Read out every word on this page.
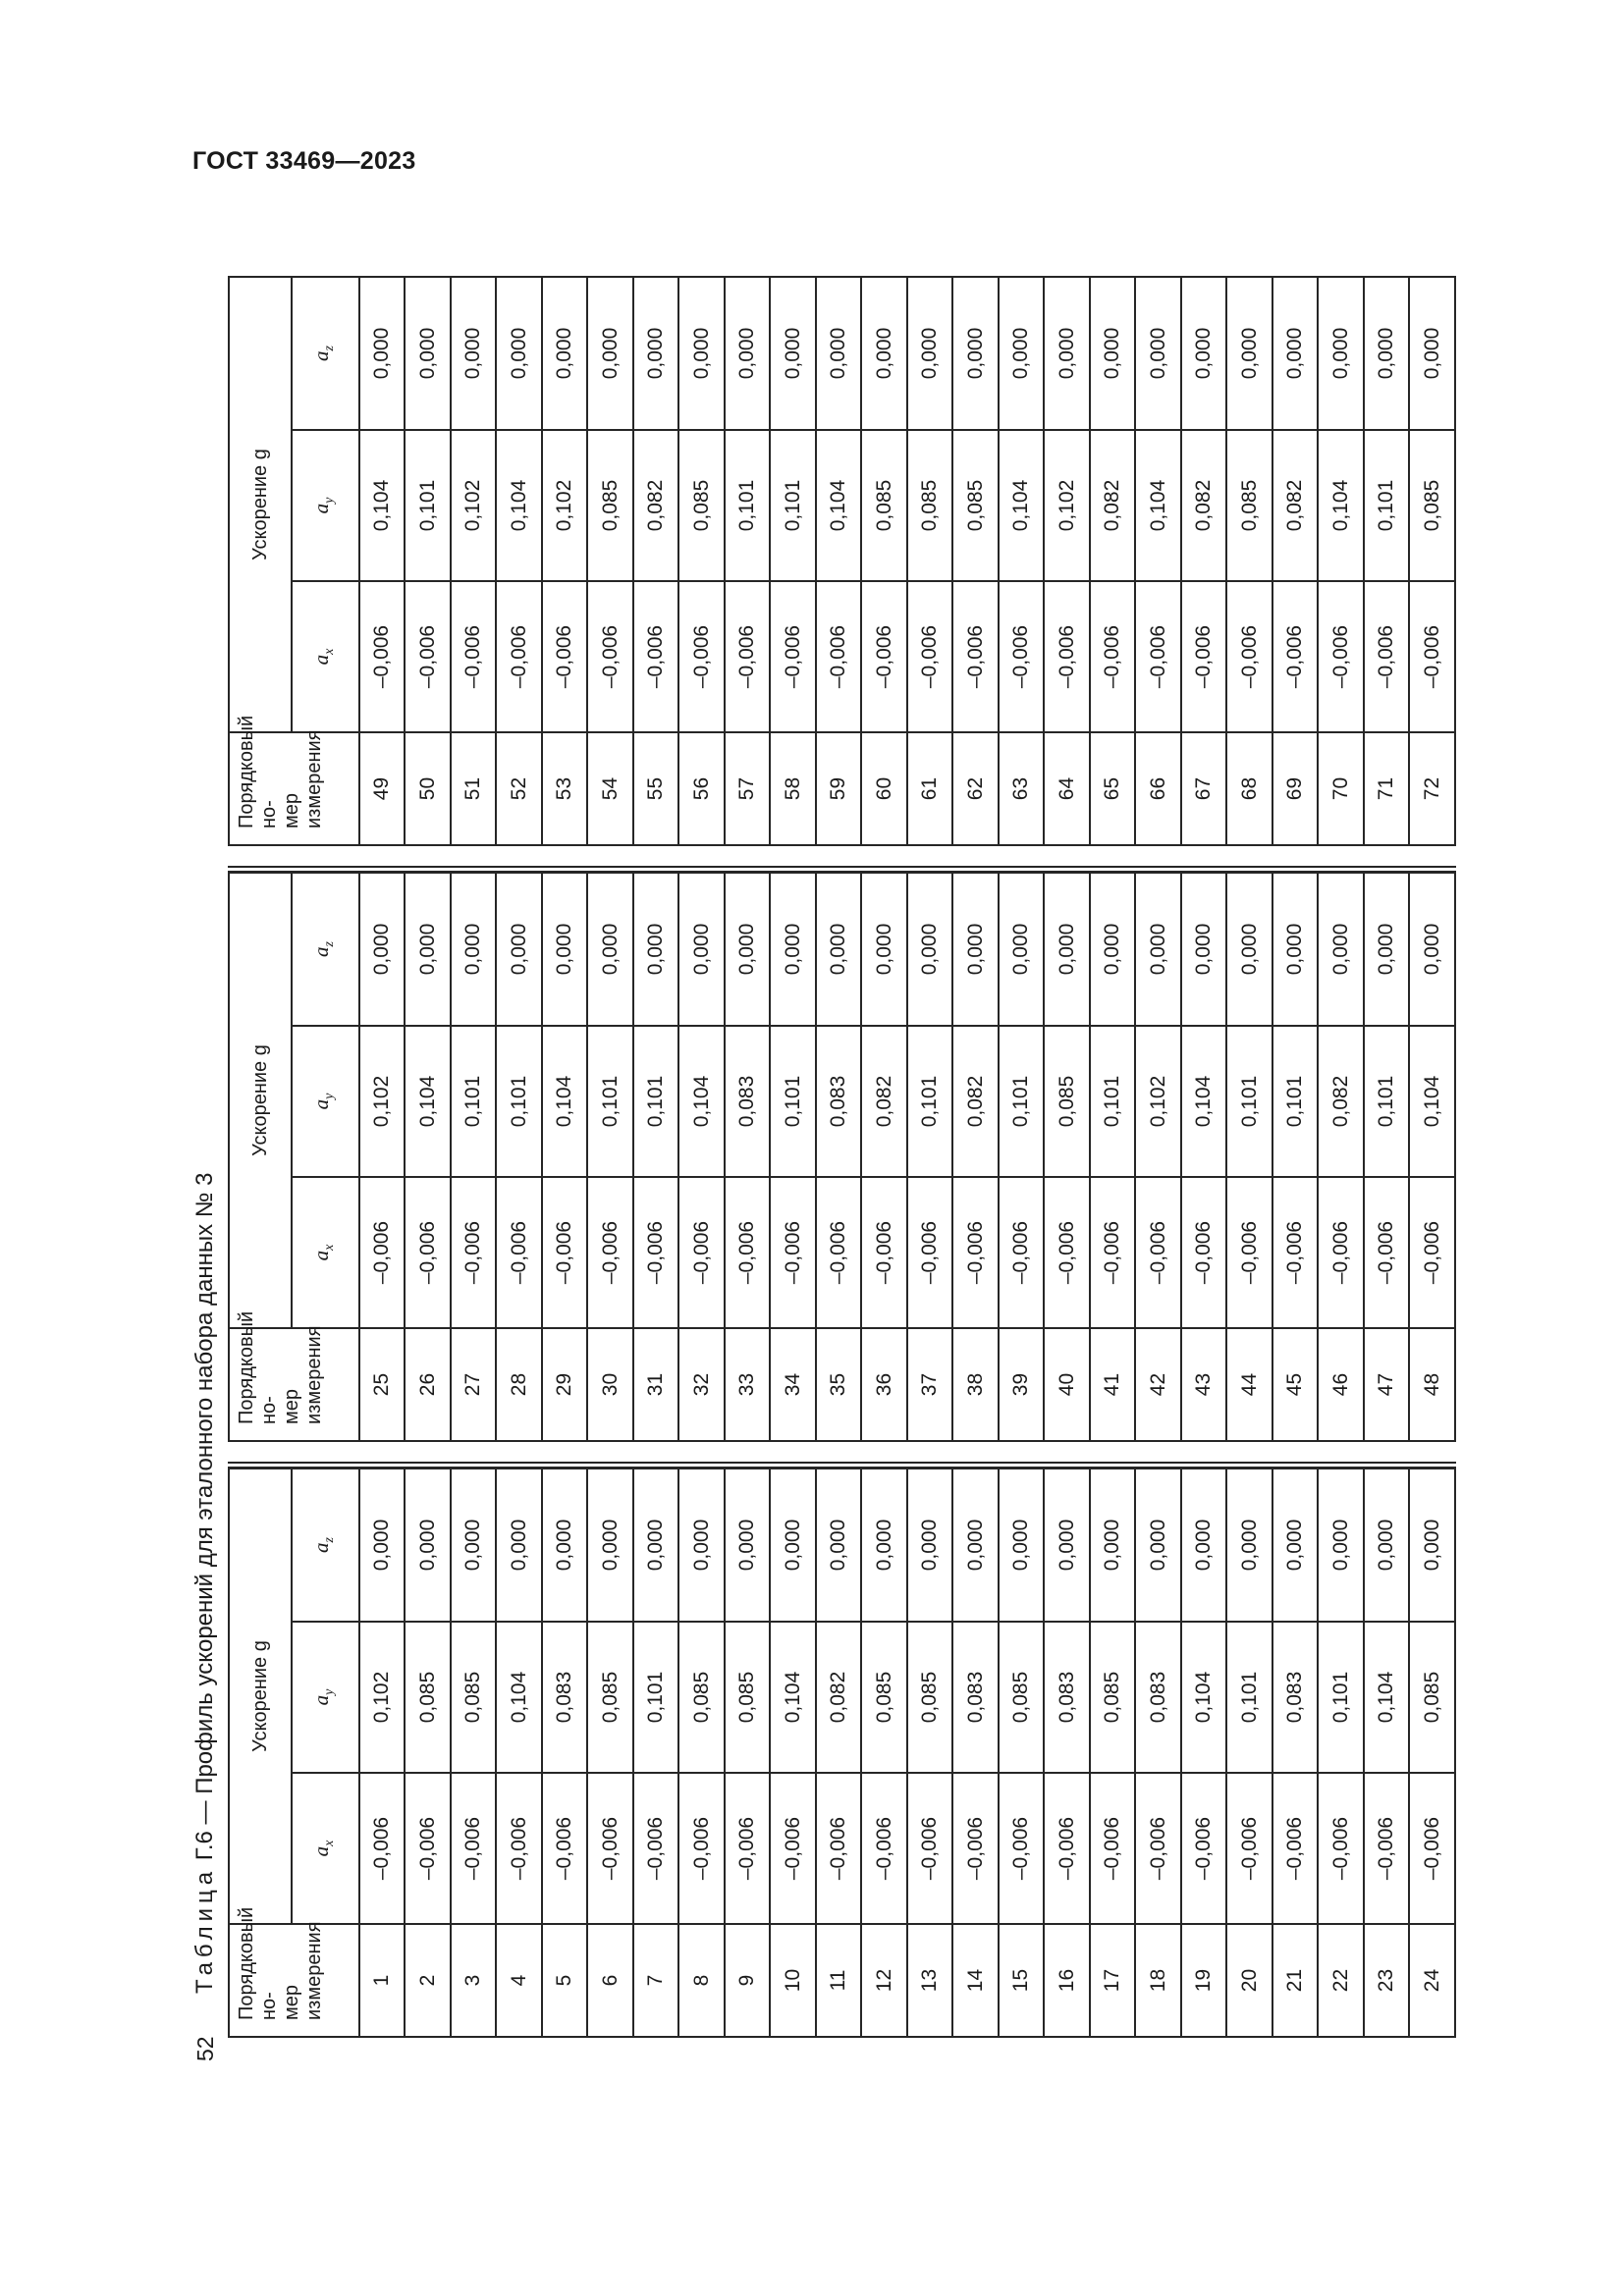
ГОСТ 33469—2023
52
Таблица Г.6 — Профиль ускорений для эталонного набора данных № 3
Порядковый но- мер измерения	Ускорение g		
	$a_x$	$a_y$	$a_z$
1	–0,006	0,102	0,000
2	–0,006	0,085	0,000
3	–0,006	0,085	0,000
4	–0,006	0,104	0,000
5	–0,006	0,083	0,000
6	–0,006	0,085	0,000
7	–0,006	0,101	0,000
8	–0,006	0,085	0,000
9	–0,006	0,085	0,000
10	–0,006	0,104	0,000
11	–0,006	0,082	0,000
12	–0,006	0,085	0,000
13	–0,006	0,085	0,000
14	–0,006	0,083	0,000
15	–0,006	0,085	0,000
16	–0,006	0,083	0,000
17	–0,006	0,085	0,000
18	–0,006	0,083	0,000
19	–0,006	0,104	0,000
20	–0,006	0,101	0,000
21	–0,006	0,083	0,000
22	–0,006	0,101	0,000
23	–0,006	0,104	0,000
24	–0,006	0,085	0,000
Порядковый но- мер измерения	Ускорение g		
	$a_x$	$a_y$	$a_z$
25	–0,006	0,102	0,000
26	–0,006	0,104	0,000
27	–0,006	0,101	0,000
28	–0,006	0,101	0,000
29	–0,006	0,104	0,000
30	–0,006	0,101	0,000
31	–0,006	0,101	0,000
32	–0,006	0,104	0,000
33	–0,006	0,083	0,000
34	–0,006	0,101	0,000
35	–0,006	0,083	0,000
36	–0,006	0,082	0,000
37	–0,006	0,101	0,000
38	–0,006	0,082	0,000
39	–0,006	0,101	0,000
40	–0,006	0,085	0,000
41	–0,006	0,101	0,000
42	–0,006	0,102	0,000
43	–0,006	0,104	0,000
44	–0,006	0,101	0,000
45	–0,006	0,101	0,000
46	–0,006	0,082	0,000
47	–0,006	0,101	0,000
48	–0,006	0,104	0,000
Порядковый но- мер измерения	Ускорение g		
	$a_x$	$a_y$	$a_z$
49	–0,006	0,104	0,000
50	–0,006	0,101	0,000
51	–0,006	0,102	0,000
52	–0,006	0,104	0,000
53	–0,006	0,102	0,000
54	–0,006	0,085	0,000
55	–0,006	0,082	0,000
56	–0,006	0,085	0,000
57	–0,006	0,101	0,000
58	–0,006	0,101	0,000
59	–0,006	0,104	0,000
60	–0,006	0,085	0,000
61	–0,006	0,085	0,000
62	–0,006	0,085	0,000
63	–0,006	0,104	0,000
64	–0,006	0,102	0,000
65	–0,006	0,082	0,000
66	–0,006	0,104	0,000
67	–0,006	0,082	0,000
68	–0,006	0,085	0,000
69	–0,006	0,082	0,000
70	–0,006	0,104	0,000
71	–0,006	0,101	0,000
72	–0,006	0,085	0,000
